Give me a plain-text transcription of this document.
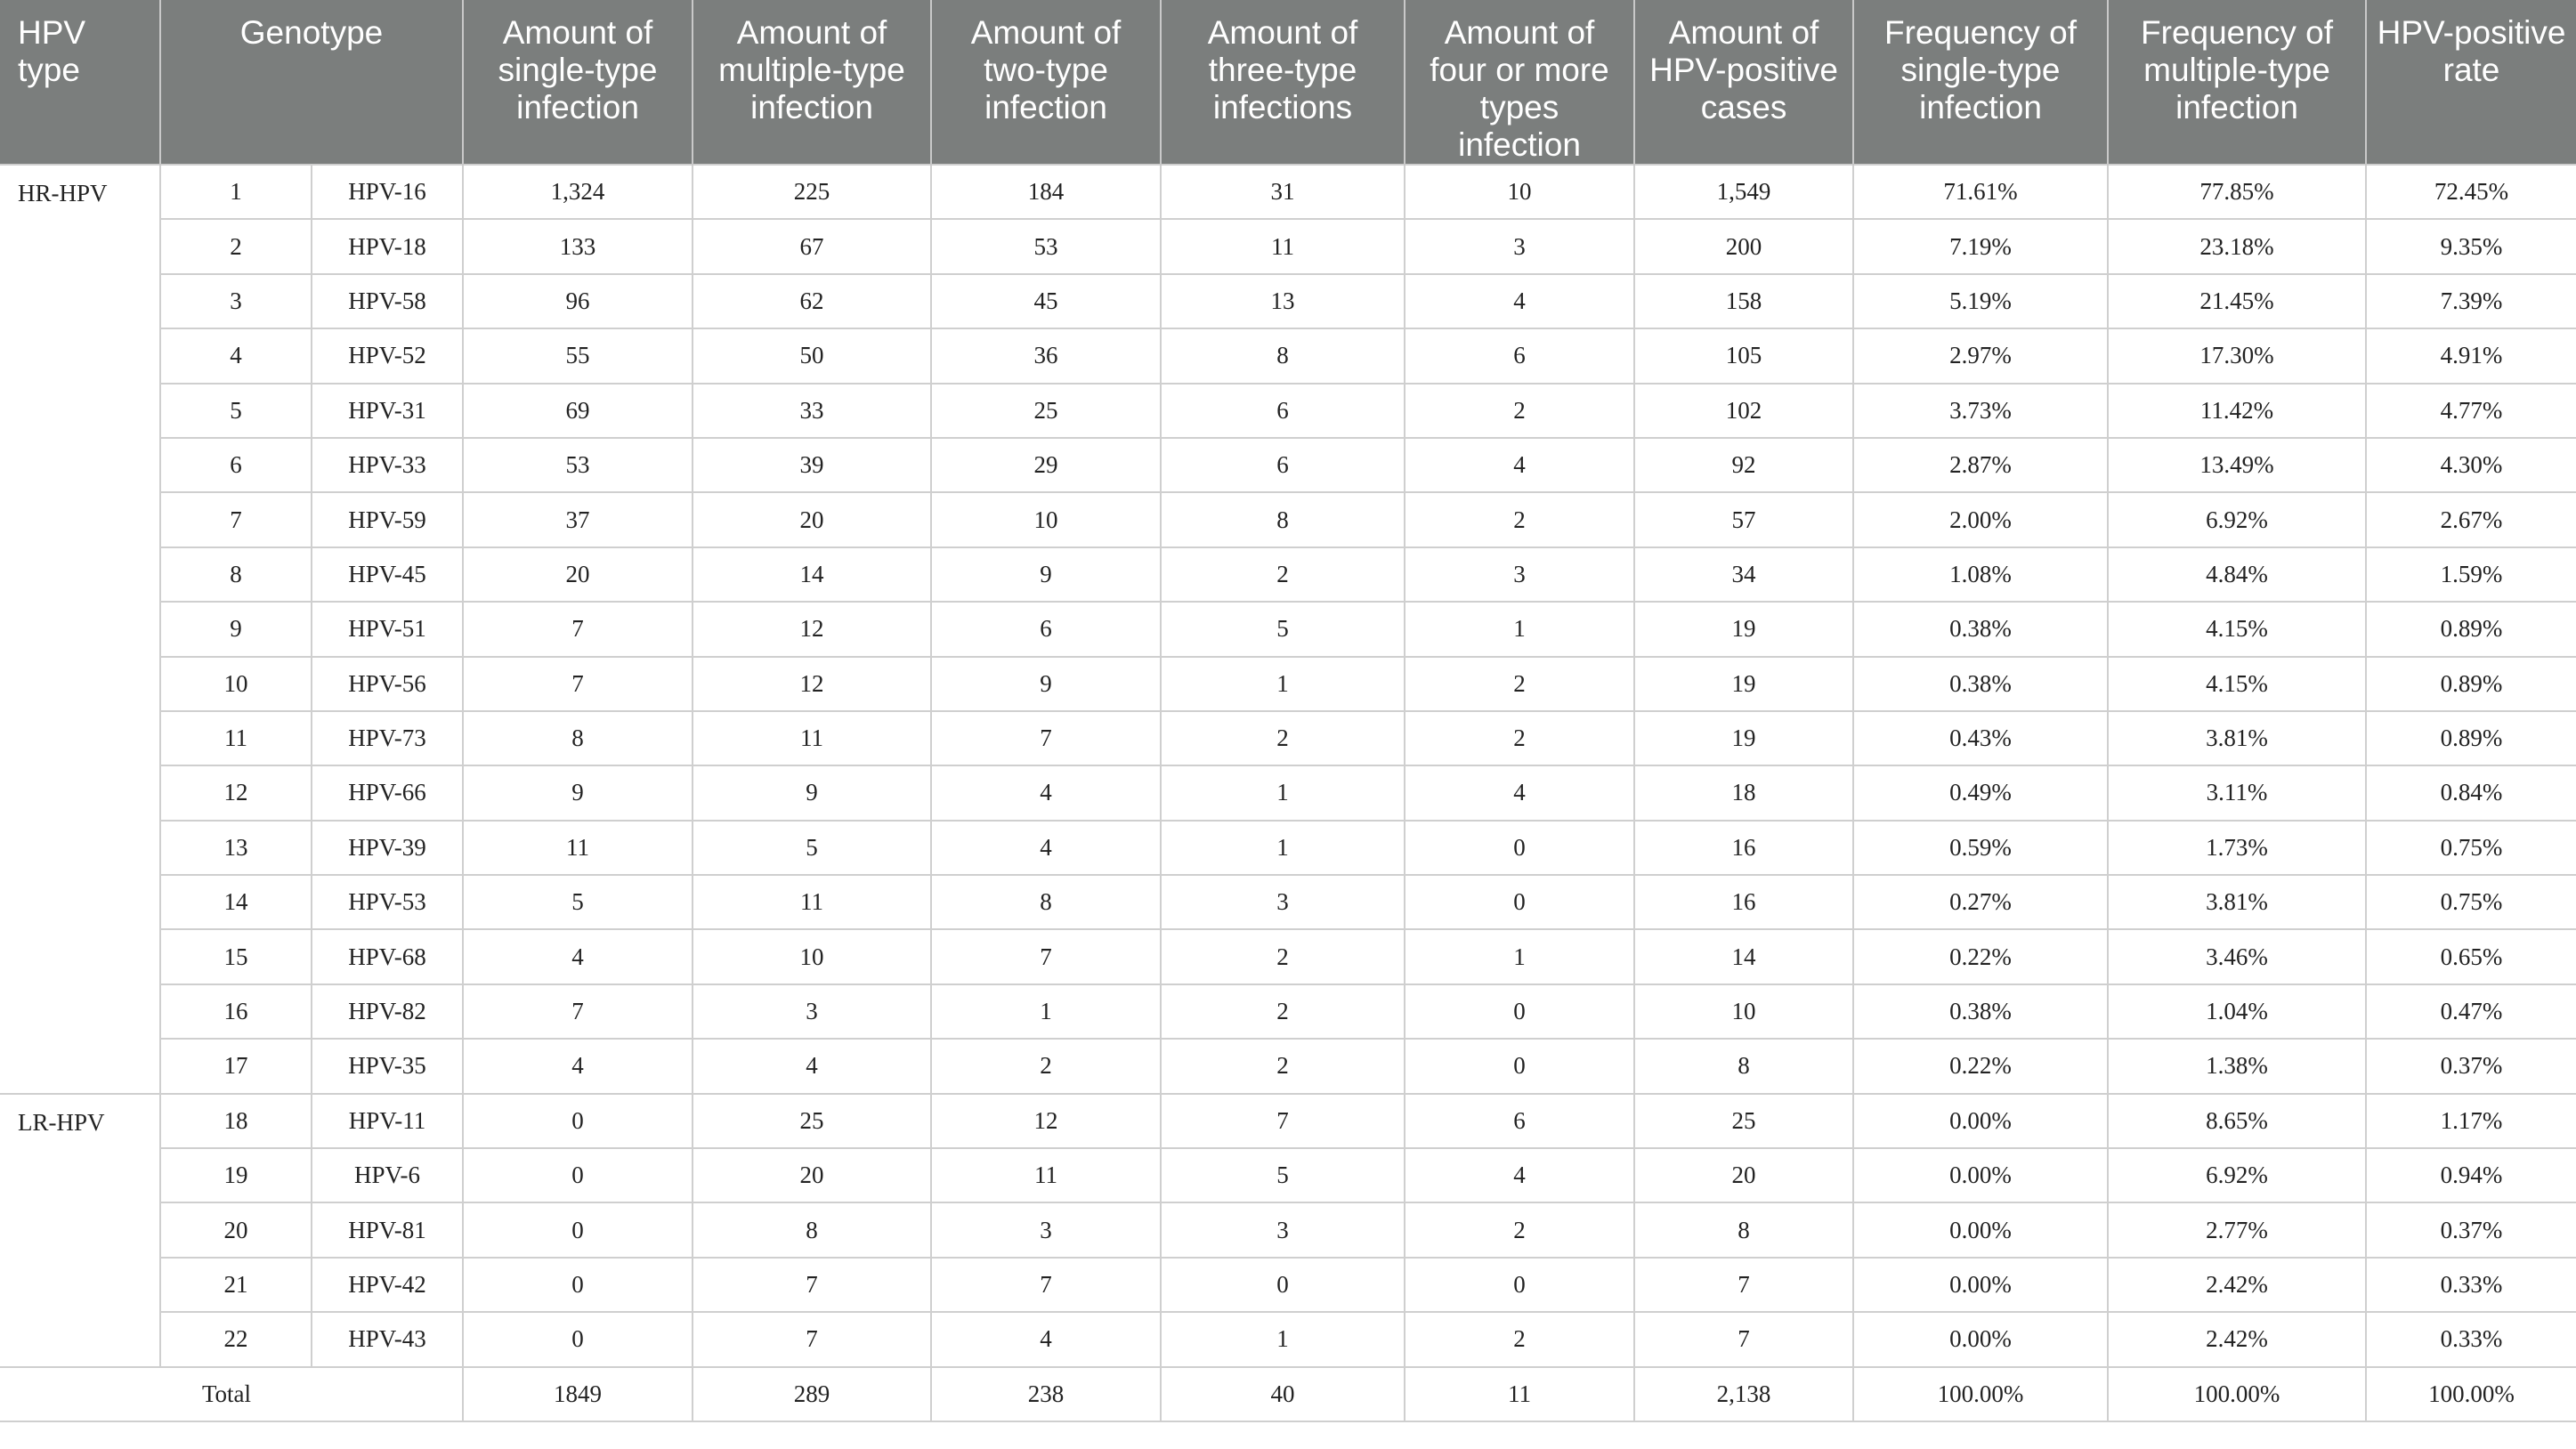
HPV type	Genotype		Amount of single-type infection	Amount of multiple-type infection	Amount of two-type infection	Amount of three-type infections	Amount of four or more types infection	Amount of HPV-positive cases	Frequency of single-type infection	Frequency of multiple-type infection	HPV-positive rate
HR-HPV	1	HPV-16	1,324	225	184	31	10	1,549	71.61%	77.85%	72.45%
	2	HPV-18	133	67	53	11	3	200	7.19%	23.18%	9.35%
	3	HPV-58	96	62	45	13	4	158	5.19%	21.45%	7.39%
	4	HPV-52	55	50	36	8	6	105	2.97%	17.30%	4.91%
	5	HPV-31	69	33	25	6	2	102	3.73%	11.42%	4.77%
	6	HPV-33	53	39	29	6	4	92	2.87%	13.49%	4.30%
	7	HPV-59	37	20	10	8	2	57	2.00%	6.92%	2.67%
	8	HPV-45	20	14	9	2	3	34	1.08%	4.84%	1.59%
	9	HPV-51	7	12	6	5	1	19	0.38%	4.15%	0.89%
	10	HPV-56	7	12	9	1	2	19	0.38%	4.15%	0.89%
	11	HPV-73	8	11	7	2	2	19	0.43%	3.81%	0.89%
	12	HPV-66	9	9	4	1	4	18	0.49%	3.11%	0.84%
	13	HPV-39	11	5	4	1	0	16	0.59%	1.73%	0.75%
	14	HPV-53	5	11	8	3	0	16	0.27%	3.81%	0.75%
	15	HPV-68	4	10	7	2	1	14	0.22%	3.46%	0.65%
	16	HPV-82	7	3	1	2	0	10	0.38%	1.04%	0.47%
	17	HPV-35	4	4	2	2	0	8	0.22%	1.38%	0.37%
LR-HPV	18	HPV-11	0	25	12	7	6	25	0.00%	8.65%	1.17%
	19	HPV-6	0	20	11	5	4	20	0.00%	6.92%	0.94%
	20	HPV-81	0	8	3	3	2	8	0.00%	2.77%	0.37%
	21	HPV-42	0	7	7	0	0	7	0.00%	2.42%	0.33%
	22	HPV-43	0	7	4	1	2	7	0.00%	2.42%	0.33%
Total			1849	289	238	40	11	2,138	100.00%	100.00%	100.00%
